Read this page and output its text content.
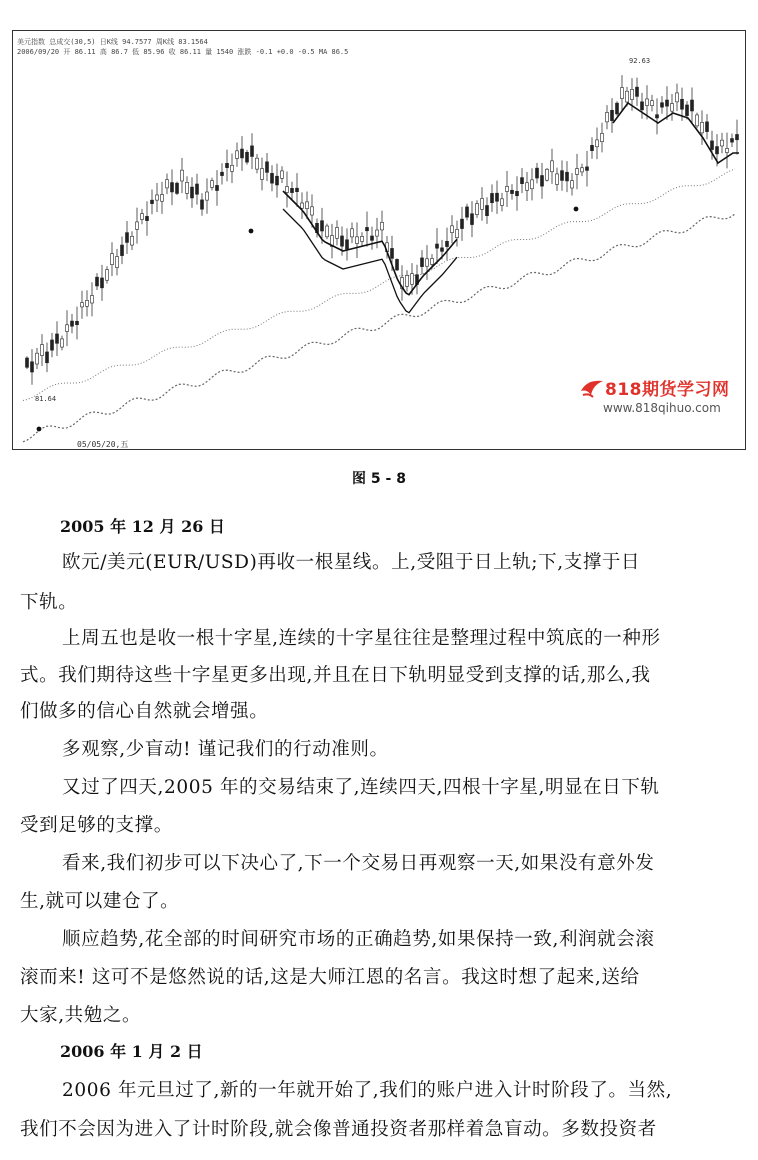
美元指数 总成交(30,5) 日K线 94.7577 周K线 83.1564
2006/09/20 开 86.11 高 86.7 低 85.96 收 86.11 量 1540 涨跌 -0.1 +0.0 -0.5 MA 86.5
92.63
81.64
05/05/20,五
818期货学习网
www.818qihuo.com
图 5 - 8
2005 年 12 月 26 日
欧元/美元(EUR/USD)再收一根星线。上,受阻于日上轨;下,支撑于日
下轨。
上周五也是收一根十字星,连续的十字星往往是整理过程中筑底的一种形
式。我们期待这些十字星更多出现,并且在日下轨明显受到支撑的话,那么,我
们做多的信心自然就会增强。
多观察,少盲动! 谨记我们的行动准则。
又过了四天,2005 年的交易结束了,连续四天,四根十字星,明显在日下轨
受到足够的支撑。
看来,我们初步可以下决心了,下一个交易日再观察一天,如果没有意外发
生,就可以建仓了。
顺应趋势,花全部的时间研究市场的正确趋势,如果保持一致,利润就会滚
滚而来! 这可不是悠然说的话,这是大师江恩的名言。我这时想了起来,送给
大家,共勉之。
2006 年 1 月 2 日
2006 年元旦过了,新的一年就开始了,我们的账户进入计时阶段了。当然,
我们不会因为进入了计时阶段,就会像普通投资者那样着急盲动。多数投资者
